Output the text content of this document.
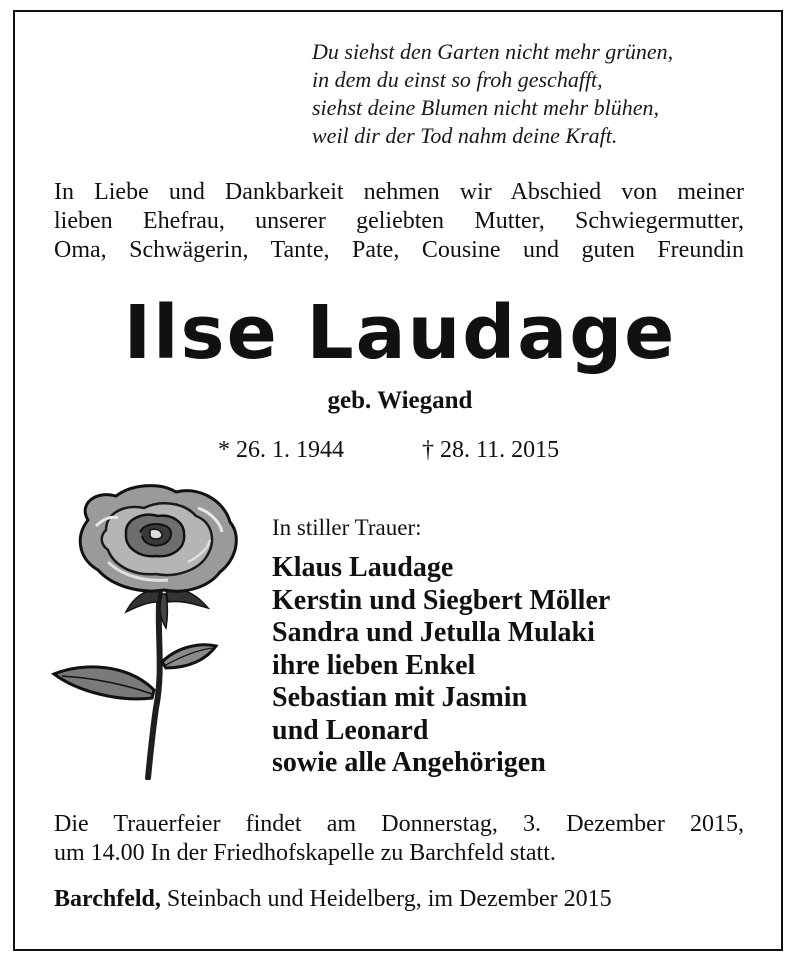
Du siehst den Garten nicht mehr grünen,
in dem du einst so froh geschafft,
siehst deine Blumen nicht mehr blühen,
weil dir der Tod nahm deine Kraft.
In Liebe und Dankbarkeit nehmen wir Abschied von meiner
lieben Ehefrau, unserer geliebten Mutter, Schwiegermutter,
Oma, Schwägerin, Tante, Pate, Cousine und guten Freundin
Ilse Laudage
geb. Wiegand
* 26. 1. 1944	† 28. 11. 2015
In stiller Trauer:
Klaus Laudage
Kerstin und Siegbert Möller
Sandra und Jetulla Mulaki
ihre lieben Enkel
Sebastian mit Jasmin
und Leonard
sowie alle Angehörigen
Die Trauerfeier findet am Donnerstag, 3. Dezember 2015,
um 14.00 In der Friedhofskapelle zu Barchfeld statt.
Barchfeld, Steinbach und Heidelberg, im Dezember 2015
